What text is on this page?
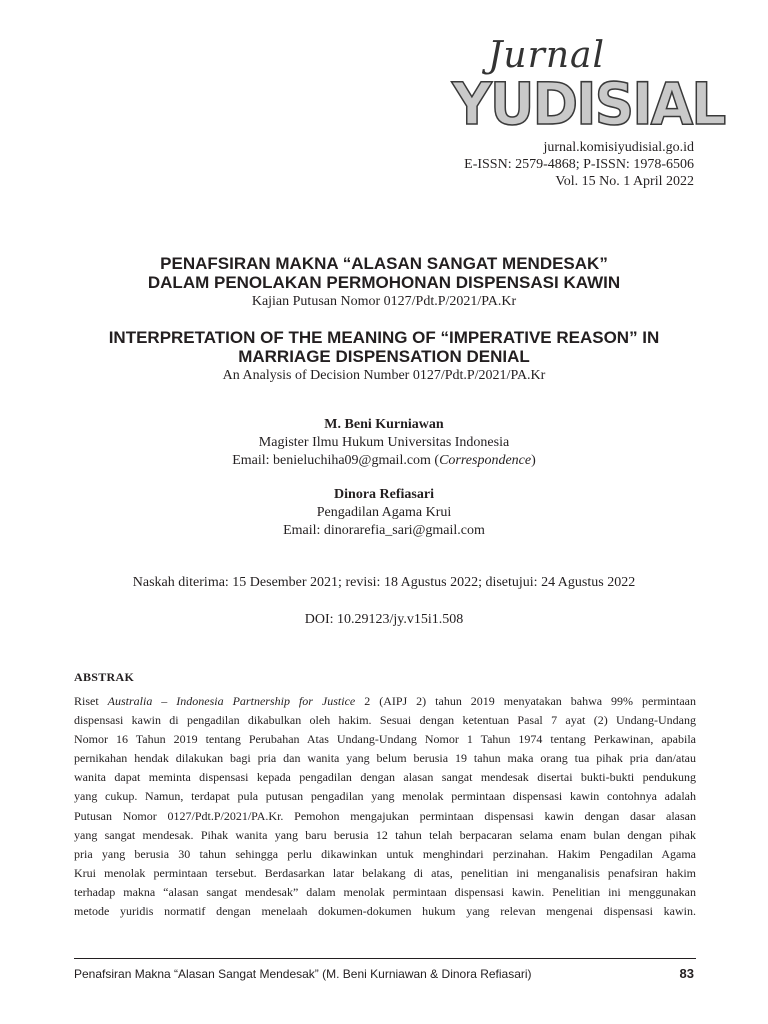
Jurnal
YUDISIAL
jurnal.komisiyudisial.go.id
E-ISSN: 2579-4868; P-ISSN: 1978-6506
Vol. 15 No. 1 April 2022
PENAFSIRAN MAKNA “ALASAN SANGAT MENDESAK”
DALAM PENOLAKAN PERMOHONAN DISPENSASI KAWIN
Kajian Putusan Nomor 0127/Pdt.P/2021/PA.Kr
INTERPRETATION OF THE MEANING OF “IMPERATIVE REASON” IN
MARRIAGE DISPENSATION DENIAL
An Analysis of Decision Number 0127/Pdt.P/2021/PA.Kr
M. Beni Kurniawan
Magister Ilmu Hukum Universitas Indonesia
Email: benieluchiha09@gmail.com (Correspondence)
Dinora Refiasari
Pengadilan Agama Krui
Email: dinorarefia_sari@gmail.com
Naskah diterima: 15 Desember 2021; revisi: 18 Agustus 2022; disetujui: 24 Agustus 2022
DOI: 10.29123/jy.v15i1.508
ABSTRAK
Riset Australia – Indonesia Partnership for Justice 2 (AIPJ 2) tahun 2019 menyatakan bahwa 99% permintaan
dispensasi kawin di pengadilan dikabulkan oleh hakim. Sesuai dengan ketentuan Pasal 7 ayat (2) Undang-Undang
Nomor 16 Tahun 2019 tentang Perubahan Atas Undang-Undang Nomor 1 Tahun 1974 tentang Perkawinan, apabila
pernikahan hendak dilakukan bagi pria dan wanita yang belum berusia 19 tahun maka orang tua pihak pria dan/atau
wanita dapat meminta dispensasi kepada pengadilan dengan alasan sangat mendesak disertai bukti-bukti pendukung
yang cukup. Namun, terdapat pula putusan pengadilan yang menolak permintaan dispensasi kawin contohnya adalah
Putusan Nomor 0127/Pdt.P/2021/PA.Kr. Pemohon mengajukan permintaan dispensasi kawin dengan dasar alasan
yang sangat mendesak. Pihak wanita yang baru berusia 12 tahun telah berpacaran selama enam bulan dengan pihak
pria yang berusia 30 tahun sehingga perlu dikawinkan untuk menghindari perzinahan. Hakim Pengadilan Agama
Krui menolak permintaan tersebut. Berdasarkan latar belakang di atas, penelitian ini menganalisis penafsiran hakim
terhadap makna “alasan sangat mendesak” dalam menolak permintaan dispensasi kawin. Penelitian ini menggunakan
metode yuridis normatif dengan menelaah dokumen-dokumen hukum yang relevan mengenai dispensasi kawin.
Penafsiran Makna “Alasan Sangat Mendesak” (M. Beni Kurniawan & Dinora Refiasari)	83
